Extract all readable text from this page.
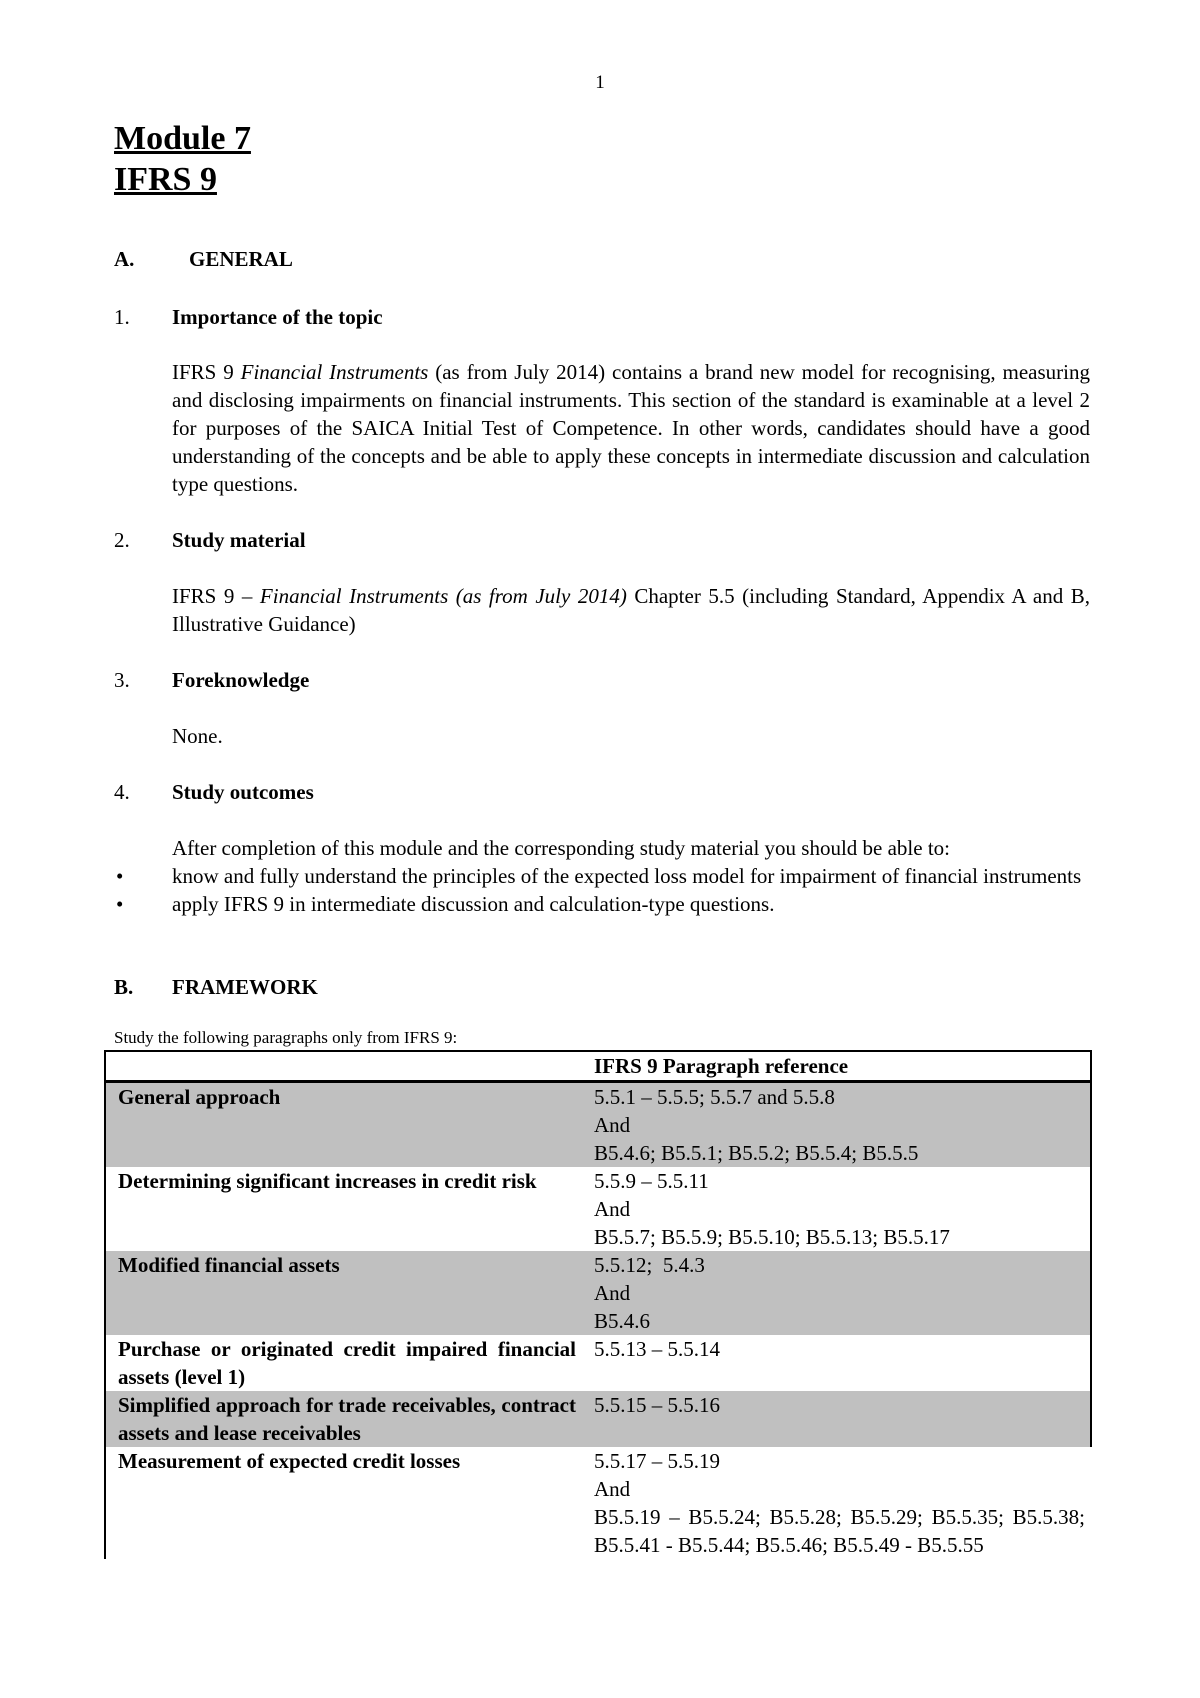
1
Module 7
IFRS 9
A.	GENERAL
1. Importance of the topic
IFRS 9 Financial Instruments (as from July 2014) contains a brand new model for recognising, measuring and disclosing impairments on financial instruments. This section of the standard is examinable at a level 2 for purposes of the SAICA Initial Test of Competence. In other words, candidates should have a good understanding of the concepts and be able to apply these concepts in intermediate discussion and calculation type questions.
2. Study material
IFRS 9 – Financial Instruments (as from July 2014) Chapter 5.5 (including Standard, Appendix A and B, Illustrative Guidance)
3. Foreknowledge
None.
4. Study outcomes
After completion of this module and the corresponding study material you should be able to:
• know and fully understand the principles of the expected loss model for impairment of financial instruments
• apply IFRS 9 in intermediate discussion and calculation-type questions.
B. FRAMEWORK
Study the following paragraphs only from IFRS 9:
	IFRS 9 Paragraph reference
General approach	5.5.1 – 5.5.5; 5.5.7 and 5.5.8
And
B5.4.6; B5.5.1; B5.5.2; B5.5.4; B5.5.5

Determining significant increases in credit risk	5.5.9 – 5.5.11
And
B5.5.7; B5.5.9; B5.5.10; B5.5.13; B5.5.17

Modified financial assets	5.5.12;  5.4.3
And
B5.4.6

Purchase or originated credit impaired financial assets (level 1)	5.5.13 – 5.5.14

Simplified approach for trade receivables, contract assets and lease receivables	5.5.15 – 5.5.16

Measurement of expected credit losses	5.5.17 – 5.5.19
And
B5.5.19 – B5.5.24; B5.5.28; B5.5.29; B5.5.35; B5.5.38; B5.5.41 - B5.5.44; B5.5.46; B5.5.49 - B5.5.55
